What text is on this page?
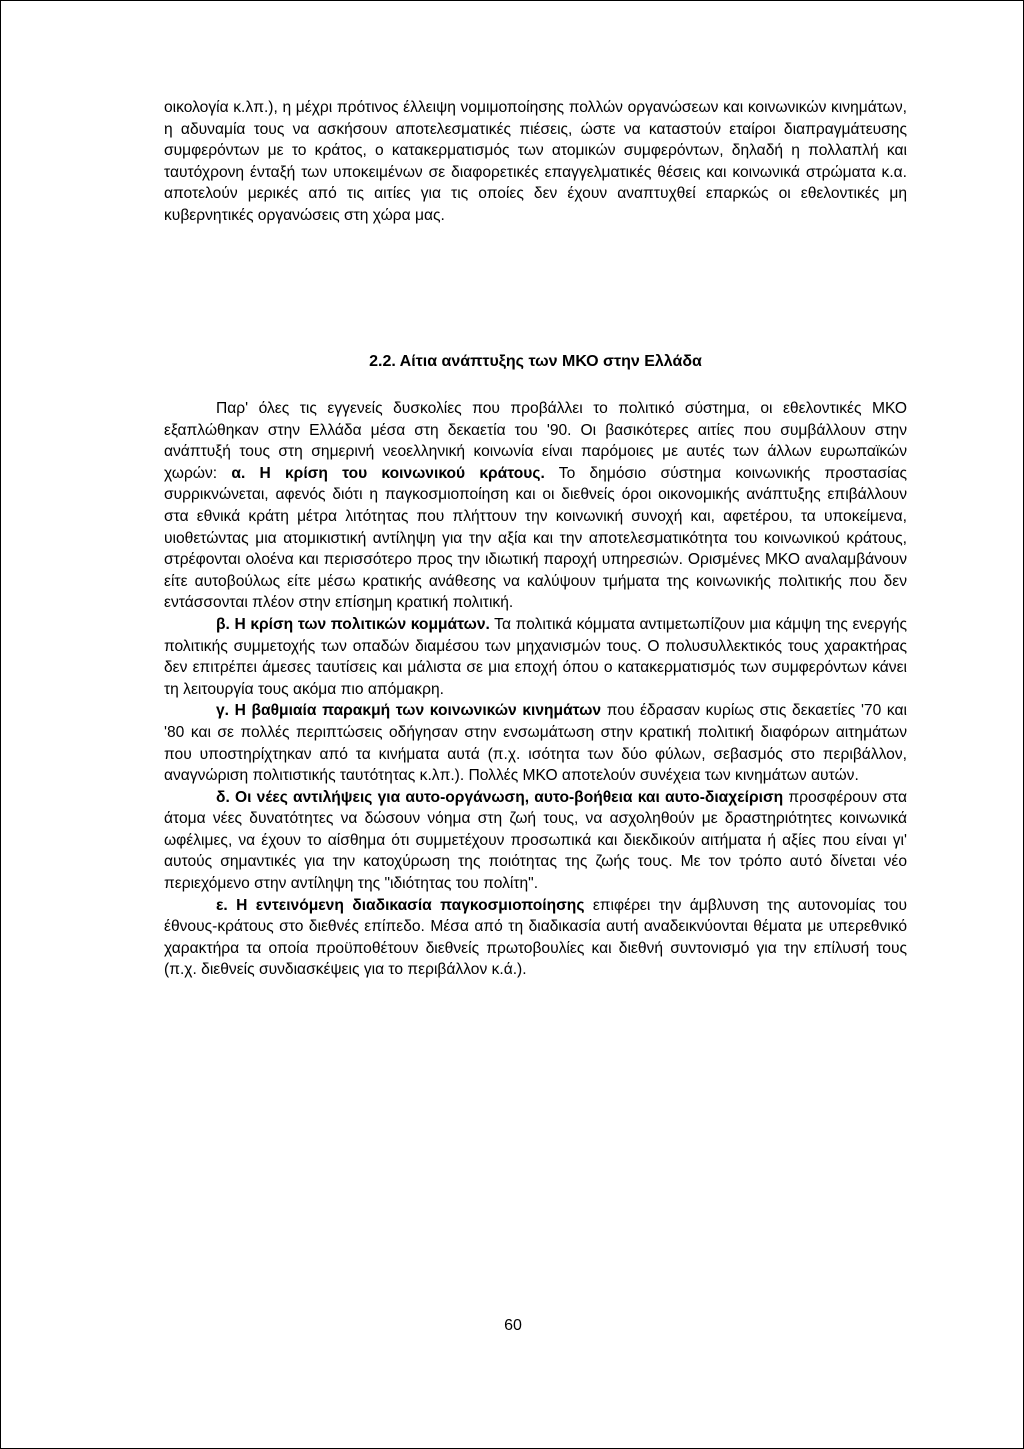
οικολογία κ.λπ.), η μέχρι πρότινος έλλειψη νομιμοποίησης πολλών οργανώσεων και κοινωνικών κινημάτων, η αδυναμία τους να ασκήσουν αποτελεσματικές πιέσεις, ώστε να καταστούν εταίροι διαπραγμάτευσης συμφερόντων με το κράτος, ο κατακερματισμός των ατομικών συμφερόντων, δηλαδή η πολλαπλή και ταυτόχρονη ένταξή των υποκειμένων σε διαφορετικές επαγγελματικές θέσεις και κοινωνικά στρώματα κ.α. αποτελούν μερικές από τις αιτίες για τις οποίες δεν έχουν αναπτυχθεί επαρκώς οι εθελοντικές μη κυβερνητικές οργανώσεις στη χώρα μας.

2.2. Αίτια ανάπτυξης των ΜΚΟ στην Ελλάδα

Παρ' όλες τις εγγενείς δυσκολίες που προβάλλει το πολιτικό σύστημα, οι εθελοντικές ΜΚΟ εξαπλώθηκαν στην Ελλάδα μέσα στη δεκαετία του '90. Οι βασικότερες αιτίες που συμβάλλουν στην ανάπτυξή τους στη σημερινή νεοελληνική κοινωνία είναι παρόμοιες με αυτές των άλλων ευρωπαϊκών χωρών: α. Η κρίση του κοινωνικού κράτους. Το δημόσιο σύστημα κοινωνικής προστασίας συρρικνώνεται, αφενός διότι η παγκοσμιοποίηση και οι διεθνείς όροι οικονομικής ανάπτυξης επιβάλλουν στα εθνικά κράτη μέτρα λιτότητας που πλήττουν την κοινωνική συνοχή και, αφετέρου, τα υποκείμενα, υιοθετώντας μια ατομικιστική αντίληψη για την αξία και την αποτελεσματικότητα του κοινωνικού κράτους, στρέφονται ολοένα και περισσότερο προς την ιδιωτική παροχή υπηρεσιών. Ορισμένες ΜΚΟ αναλαμβάνουν είτε αυτοβούλως είτε μέσω κρατικής ανάθεσης να καλύψουν τμήματα της κοινωνικής πολιτικής που δεν εντάσσονται πλέον στην επίσημη κρατική πολιτική.
β. Η κρίση των πολιτικών κομμάτων. Τα πολιτικά κόμματα αντιμετωπίζουν μια κάμψη της ενεργής πολιτικής συμμετοχής των οπαδών διαμέσου των μηχανισμών τους. Ο πολυσυλλεκτικός τους χαρακτήρας δεν επιτρέπει άμεσες ταυτίσεις και μάλιστα σε μια εποχή όπου ο κατακερματισμός των συμφερόντων κάνει τη λειτουργία τους ακόμα πιο απόμακρη.
γ. Η βαθμιαία παρακμή των κοινωνικών κινημάτων που έδρασαν κυρίως στις δεκαετίες '70 και '80 και σε πολλές περιπτώσεις οδήγησαν στην ενσωμάτωση στην κρατική πολιτική διαφόρων αιτημάτων που υποστηρίχτηκαν από τα κινήματα αυτά (π.χ. ισότητα των δύο φύλων, σεβασμός στο περιβάλλον, αναγνώριση πολιτιστικής ταυτότητας κ.λπ.). Πολλές ΜΚΟ αποτελούν συνέχεια των κινημάτων αυτών.
δ. Οι νέες αντιλήψεις για αυτο-οργάνωση, αυτο-βοήθεια και αυτο-διαχείριση προσφέρουν στα άτομα νέες δυνατότητες να δώσουν νόημα στη ζωή τους, να ασχοληθούν με δραστηριότητες κοινωνικά ωφέλιμες, να έχουν το αίσθημα ότι συμμετέχουν προσωπικά και διεκδικούν αιτήματα ή αξίες που είναι γι' αυτούς σημαντικές για την κατοχύρωση της ποιότητας της ζωής τους. Με τον τρόπο αυτό δίνεται νέο περιεχόμενο στην αντίληψη της "ιδιότητας του πολίτη".
ε. Η εντεινόμενη διαδικασία παγκοσμιοποίησης επιφέρει την άμβλυνση της αυτονομίας του έθνους-κράτους στο διεθνές επίπεδο. Μέσα από τη διαδικασία αυτή αναδεικνύονται θέματα με υπερεθνικό χαρακτήρα τα οποία προϋποθέτουν διεθνείς πρωτοβουλίες και διεθνή συντονισμό για την επίλυσή τους (π.χ. διεθνείς συνδιασκέψεις για το περιβάλλον κ.ά.).

60
